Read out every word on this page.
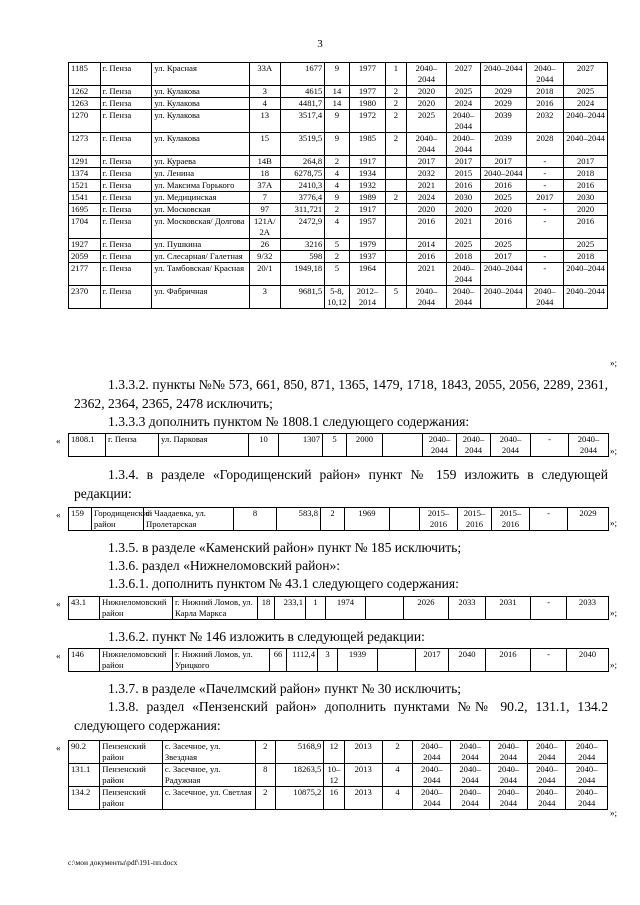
3
1185	г. Пенза	ул. Красная	33А	1677	9	1977	1	2040–2044	2027	2040–2044	2040–2044	2027
1262	г. Пенза	ул. Кулакова	3	4615	14	1977	2	2020	2025	2029	2018	2025
1263	г. Пенза	ул. Кулакова	4	4481,7	14	1980	2	2020	2024	2029	2016	2024
1270	г. Пенза	ул. Кулакова	13	3517,4	9	1972	2	2025	2040–2044	2039	2032	2040–2044
1273	г. Пенза	ул. Кулакова	15	3519,5	9	1985	2	2040–2044	2040–2044	2039	2028	2040–2044
1291	г. Пенза	ул. Кураева	14В	264,8	2	1917		2017	2017	2017	-	2017
1374	г. Пенза	ул. Ленина	18	6278,75	4	1934		2032	2015	2040–2044	-	2018
1521	г. Пенза	ул. Максима Горького	37А	2410,3	4	1932		2021	2016	2016	-	2016
1541	г. Пенза	ул. Медицинская	7	3776,4	9	1989	2	2024	2030	2025	2017	2030
1695	г. Пенза	ул. Московская	97	311,721	2	1917		2020	2020	2020	-	2020
1704	г. Пенза	ул. Московская/ Долгова	121А/ 2А	2472,9	4	1957		2016	2021	2016	-	2016
1927	г. Пенза	ул. Пушкина	26	3216	5	1979		2014	2025	2025		2025
2059	г. Пенза	ул. Слесарная/ Галетная	9/32	598	2	1937		2016	2018	2017	-	2018
2177	г. Пенза	ул. Тамбовская/ Красная	20/1	1949,18	5	1964		2021	2040–2044	2040–2044	-	2040–2044
2370	г. Пенза	ул. Фабричная	3	9681,5	5-8, 10,12	2012–2014	5	2040–2044	2040–2044	2040–2044	2040–2044	2040–2044
»;
1.3.3.2. пункты №№ 573, 661, 850, 871, 1365, 1479, 1718, 1843, 2055, 2056, 2289, 2361, 2362, 2364, 2365, 2478 исключить;
1.3.3.3 дополнить пунктом № 1808.1 следующего содержания:
« 1808.1	г. Пенза	ул. Парковая	10	1307	5	2000		2040–2044	2040–2044	2040–2044	-	2040–2044 »;
1.3.4. в разделе «Городищенский район» пункт № 159 изложить в следующей редакции:
« 159	Городищенский район	с. Чаадаевка, ул. Пролетарская	8	583,8	2	1969		2015–2016	2015–2016	2015–2016	-	2029
»;
1.3.5. в разделе «Каменский район» пункт № 185 исключить;
1.3.6. раздел «Нижнеломовский район»:
1.3.6.1. дополнить пунктом № 43.1 следующего содержания:
« 43.1	Нижнеломовский район	г. Нижний Ломов, ул. Карла Маркса	18	233,1	1	1974		2026	2033	2031	-	2033
»;
1.3.6.2. пункт № 146 изложить в следующей редакции:
« 146	Нижнеломовский район	г. Нижний Ломов, ул. Урицкого	66	1112,4	3	1939		2017	2040	2016	-	2040
»;
1.3.7. в разделе «Пачелмский район» пункт № 30 исключить;
1.3.8. раздел «Пензенский район» дополнить пунктами №№ 90.2, 131.1, 134.2 следующего содержания:
« 90.2	Пензенский район	с. Засечное, ул. Звездная	2	5168,9	12	2013	2	2040–2044	2040–2044	2040–2044	2040–2044	2040–2044
131.1	Пензенский район	с. Засечное, ул. Радужная	8	18263,5	10–12	2013	4	2040–2044	2040–2044	2040–2044	2040–2044	2040–2044
134.2	Пензенский район	с. Засечное, ул. Светлая	2	10875,2	16	2013	4	2040–2044	2040–2044	2040–2044	2040–2044	2040–2044
»;
c:\мои документы\pdf\191-пп.docx
